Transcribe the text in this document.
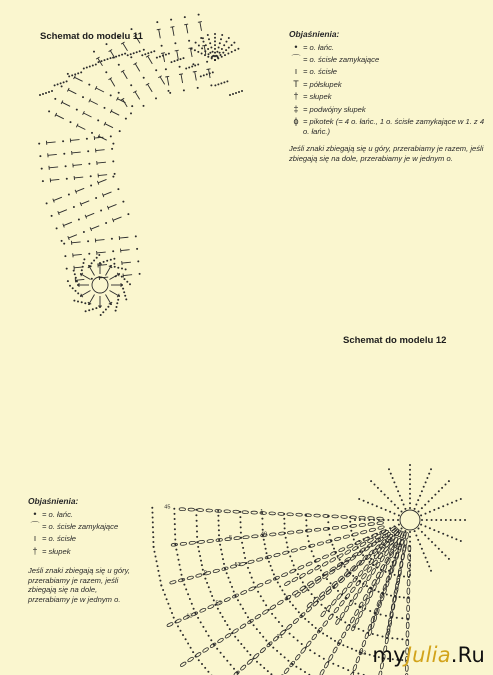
1
5
9
13
17
21
33
45
49
53
57
Schemat do modelu 11
Schemat do modelu 12
Objaśnienia:
• = o. łańc.
⌒ = o. ścisłe zamykające
ı = o. ścisłe
T = półsłupek
† = słupek
‡ = podwójny słupek
ϕ = pikotek (= 4 o. łańc., 1 o. ścisłe zamykające w 1. z 4 o. łańc.)
Jeśli znaki zbiegają się u góry, przerabiamy je razem, jeśli zbiegają się na dole, przerabiamy je w jednym o.
Objaśnienia:
• = o. łańc.
⌒ = o. ścisłe zamykające
ı = o. ścisłe
† = słupek
Jeśli znaki zbiegają się u góry, przerabiamy je razem, jeśli zbiegają się na dole, przerabiamy je w jednym o.
myJulia.Ru
